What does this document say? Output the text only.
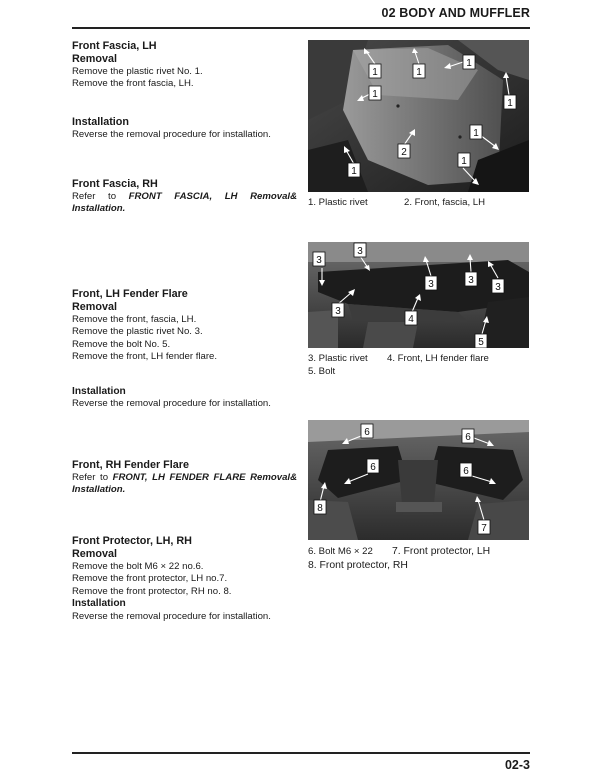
02 BODY AND MUFFLER
Front Fascia, LH
Removal
Remove the plastic rivet No. 1.
Remove the front fascia, LH.
Installation
Reverse the removal procedure for installation.
Front Fascia, RH
Refer to FRONT FASCIA, LH Removal& Installation.
Front, LH Fender Flare
Removal
Remove the front, fascia, LH.
Remove the plastic rivet No. 3.
Remove the bolt No. 5.
Remove the front, LH fender flare.
Installation
Reverse the removal procedure for installation.
Front, RH Fender Flare
Refer to FRONT, LH FENDER FLARE Removal& Installation.
Front Protector, LH, RH
Removal
Remove the bolt M6 × 22 no.6.
Remove the front protector, LH no.7.
Remove the front protector, RH no. 8.
Installation
Reverse the removal procedure for installation.
1	1
1
1
1
1
1
2
1
1. Plastic rivet	2. Front, fascia, LH
3
3
3	3
3
3
4
5
3. Plastic rivet 4. Front, LH fender flare
5. Bolt
6	6
6	6
8
7
6. Bolt M6 × 22 7. Front protector, LH
8. Front protector, RH
02-3
